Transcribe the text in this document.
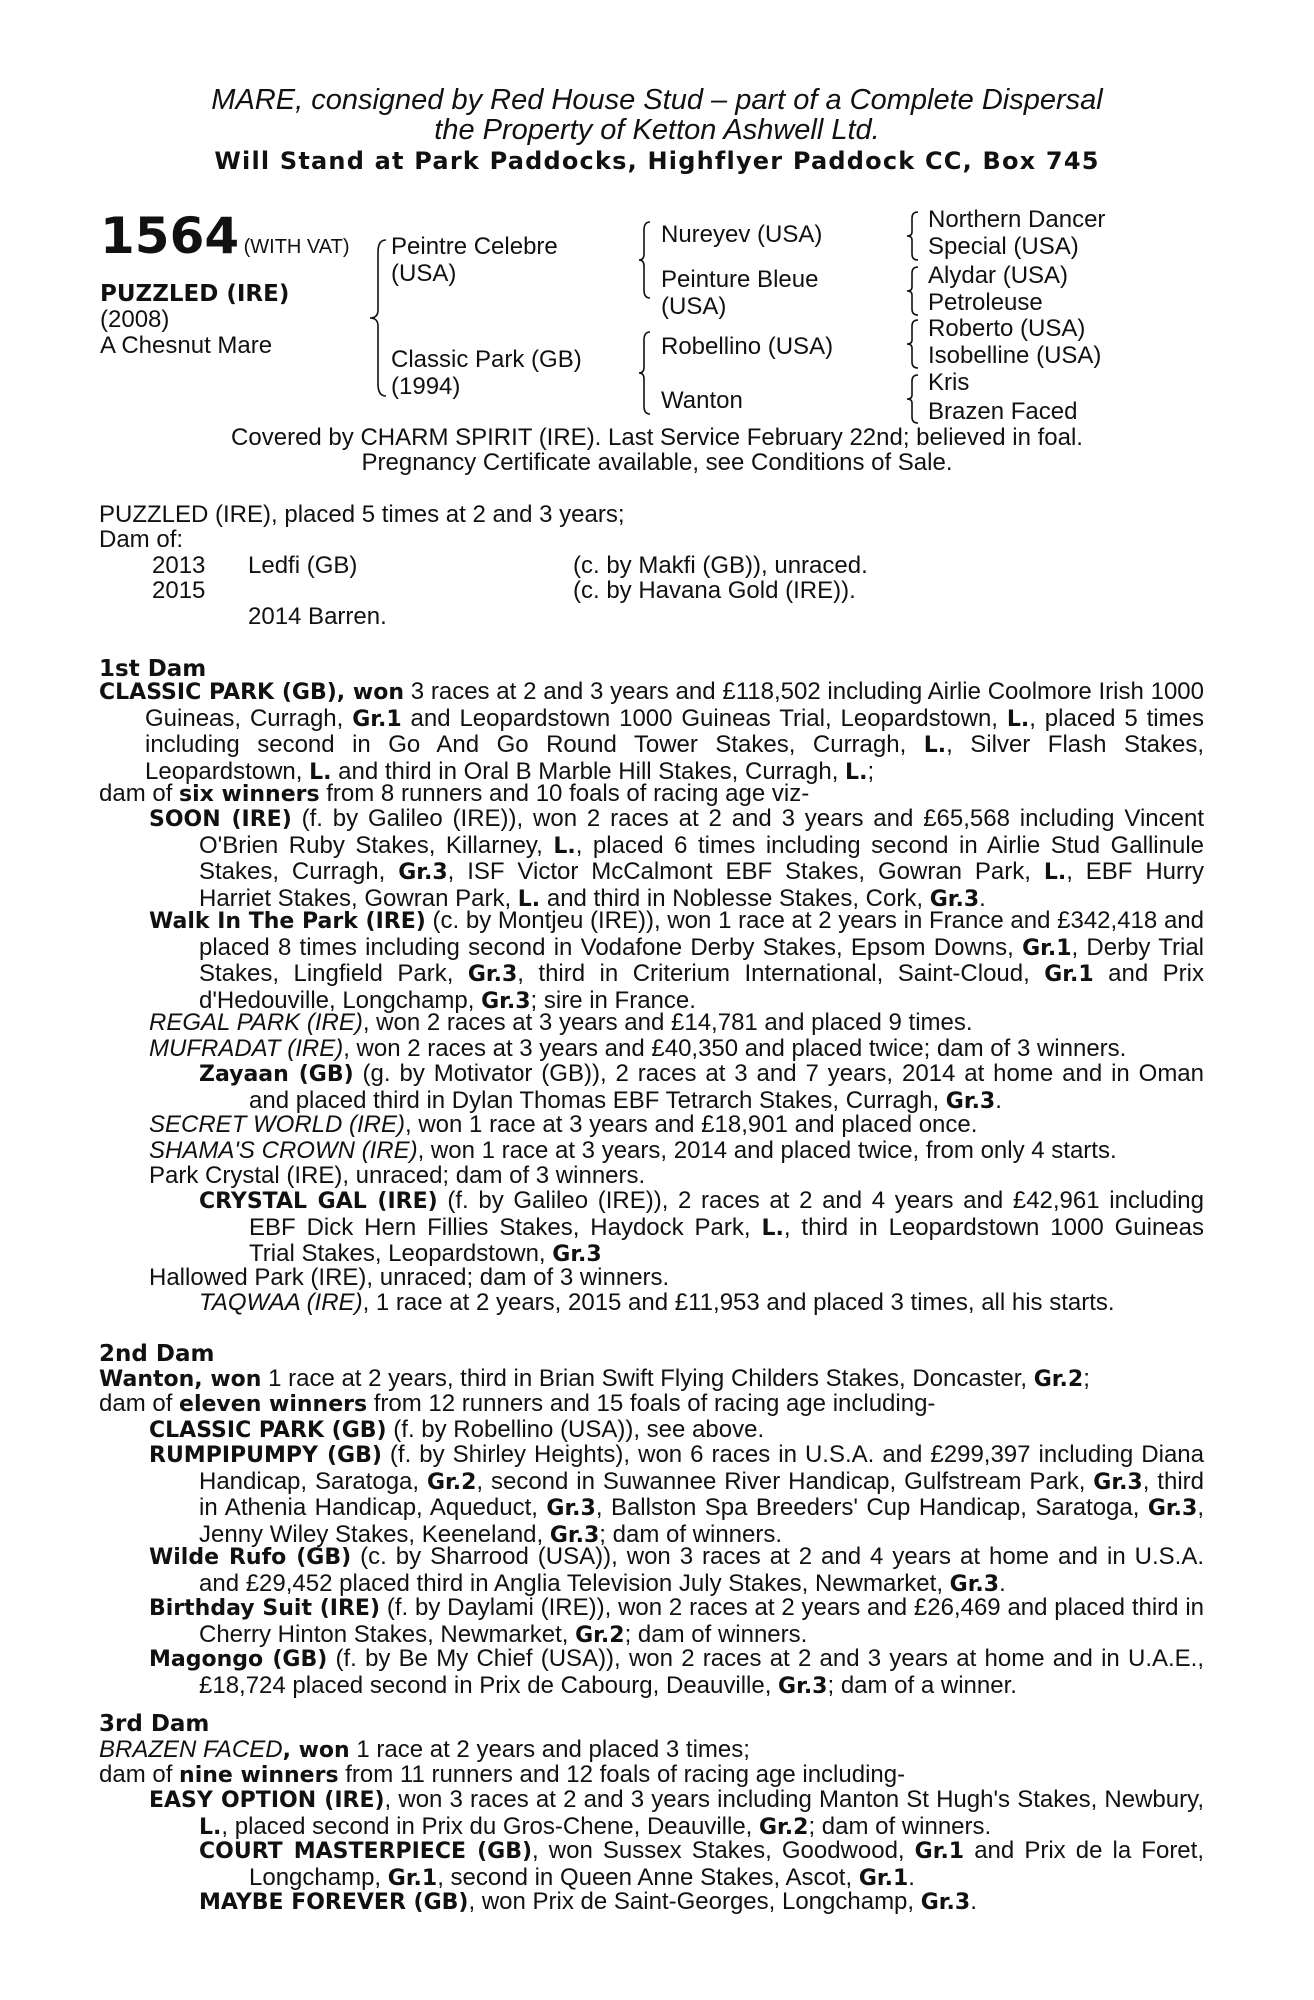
MARE, consigned by Red House Stud – part of a Complete Dispersal
the Property of Ketton Ashwell Ltd.
Will Stand at Park Paddocks, Highflyer Paddock CC, Box 745
1564 (WITH VAT)
PUZZLED (IRE)
(2008)
A Chesnut Mare
Peintre Celebre
(USA)
Classic Park (GB)
(1994)
Nureyev (USA)
Peinture Bleue
(USA)
Robellino (USA)
Wanton
Northern Dancer
Special (USA)
Alydar (USA)
Petroleuse
Roberto (USA)
Isobelline (USA)
Kris
Brazen Faced
Covered by CHARM SPIRIT (IRE). Last Service February 22nd; believed in foal.
Pregnancy Certificate available, see Conditions of Sale.
PUZZLED (IRE), placed 5 times at 2 and 3 years;
Dam of:
2013 Ledfi (GB)	(c. by Makfi (GB)), unraced.
2015	(c. by Havana Gold (IRE)).
2014 Barren.
1st Dam
CLASSIC PARK (GB), won 3 races at 2 and 3 years and £118,502 including Airlie Coolmore Irish 1000 Guineas, Curragh, Gr.1 and Leopardstown 1000 Guineas Trial, Leopardstown, L., placed 5 times including second in Go And Go Round Tower Stakes, Curragh, L., Silver Flash Stakes, Leopardstown, L. and third in Oral B Marble Hill Stakes, Curragh, L.;
dam of six winners from 8 runners and 10 foals of racing age viz-
SOON (IRE) (f. by Galileo (IRE)), won 2 races at 2 and 3 years and £65,568 including Vincent O'Brien Ruby Stakes, Killarney, L., placed 6 times including second in Airlie Stud Gallinule Stakes, Curragh, Gr.3, ISF Victor McCalmont EBF Stakes, Gowran Park, L., EBF Hurry Harriet Stakes, Gowran Park, L. and third in Noblesse Stakes, Cork, Gr.3.
Walk In The Park (IRE) (c. by Montjeu (IRE)), won 1 race at 2 years in France and £342,418 and placed 8 times including second in Vodafone Derby Stakes, Epsom Downs, Gr.1, Derby Trial Stakes, Lingfield Park, Gr.3, third in Criterium International, Saint-Cloud, Gr.1 and Prix d'Hedouville, Longchamp, Gr.3; sire in France.
REGAL PARK (IRE), won 2 races at 3 years and £14,781 and placed 9 times.
MUFRADAT (IRE), won 2 races at 3 years and £40,350 and placed twice; dam of 3 winners.
Zayaan (GB) (g. by Motivator (GB)), 2 races at 3 and 7 years, 2014 at home and in Oman and placed third in Dylan Thomas EBF Tetrarch Stakes, Curragh, Gr.3.
SECRET WORLD (IRE), won 1 race at 3 years and £18,901 and placed once.
SHAMA'S CROWN (IRE), won 1 race at 3 years, 2014 and placed twice, from only 4 starts.
Park Crystal (IRE), unraced; dam of 3 winners.
CRYSTAL GAL (IRE) (f. by Galileo (IRE)), 2 races at 2 and 4 years and £42,961 including EBF Dick Hern Fillies Stakes, Haydock Park, L., third in Leopardstown 1000 Guineas Trial Stakes, Leopardstown, Gr.3
Hallowed Park (IRE), unraced; dam of 3 winners.
TAQWAA (IRE), 1 race at 2 years, 2015 and £11,953 and placed 3 times, all his starts.
2nd Dam
Wanton, won 1 race at 2 years, third in Brian Swift Flying Childers Stakes, Doncaster, Gr.2;
dam of eleven winners from 12 runners and 15 foals of racing age including-
CLASSIC PARK (GB) (f. by Robellino (USA)), see above.
RUMPIPUMPY (GB) (f. by Shirley Heights), won 6 races in U.S.A. and £299,397 including Diana Handicap, Saratoga, Gr.2, second in Suwannee River Handicap, Gulfstream Park, Gr.3, third in Athenia Handicap, Aqueduct, Gr.3, Ballston Spa Breeders' Cup Handicap, Saratoga, Gr.3, Jenny Wiley Stakes, Keeneland, Gr.3; dam of winners.
Wilde Rufo (GB) (c. by Sharrood (USA)), won 3 races at 2 and 4 years at home and in U.S.A. and £29,452 placed third in Anglia Television July Stakes, Newmarket, Gr.3.
Birthday Suit (IRE) (f. by Daylami (IRE)), won 2 races at 2 years and £26,469 and placed third in Cherry Hinton Stakes, Newmarket, Gr.2; dam of winners.
Magongo (GB) (f. by Be My Chief (USA)), won 2 races at 2 and 3 years at home and in U.A.E., £18,724 placed second in Prix de Cabourg, Deauville, Gr.3; dam of a winner.
3rd Dam
BRAZEN FACED, won 1 race at 2 years and placed 3 times;
dam of nine winners from 11 runners and 12 foals of racing age including-
EASY OPTION (IRE), won 3 races at 2 and 3 years including Manton St Hugh's Stakes, Newbury, L., placed second in Prix du Gros-Chene, Deauville, Gr.2; dam of winners.
COURT MASTERPIECE (GB), won Sussex Stakes, Goodwood, Gr.1 and Prix de la Foret, Longchamp, Gr.1, second in Queen Anne Stakes, Ascot, Gr.1.
MAYBE FOREVER (GB), won Prix de Saint-Georges, Longchamp, Gr.3.
